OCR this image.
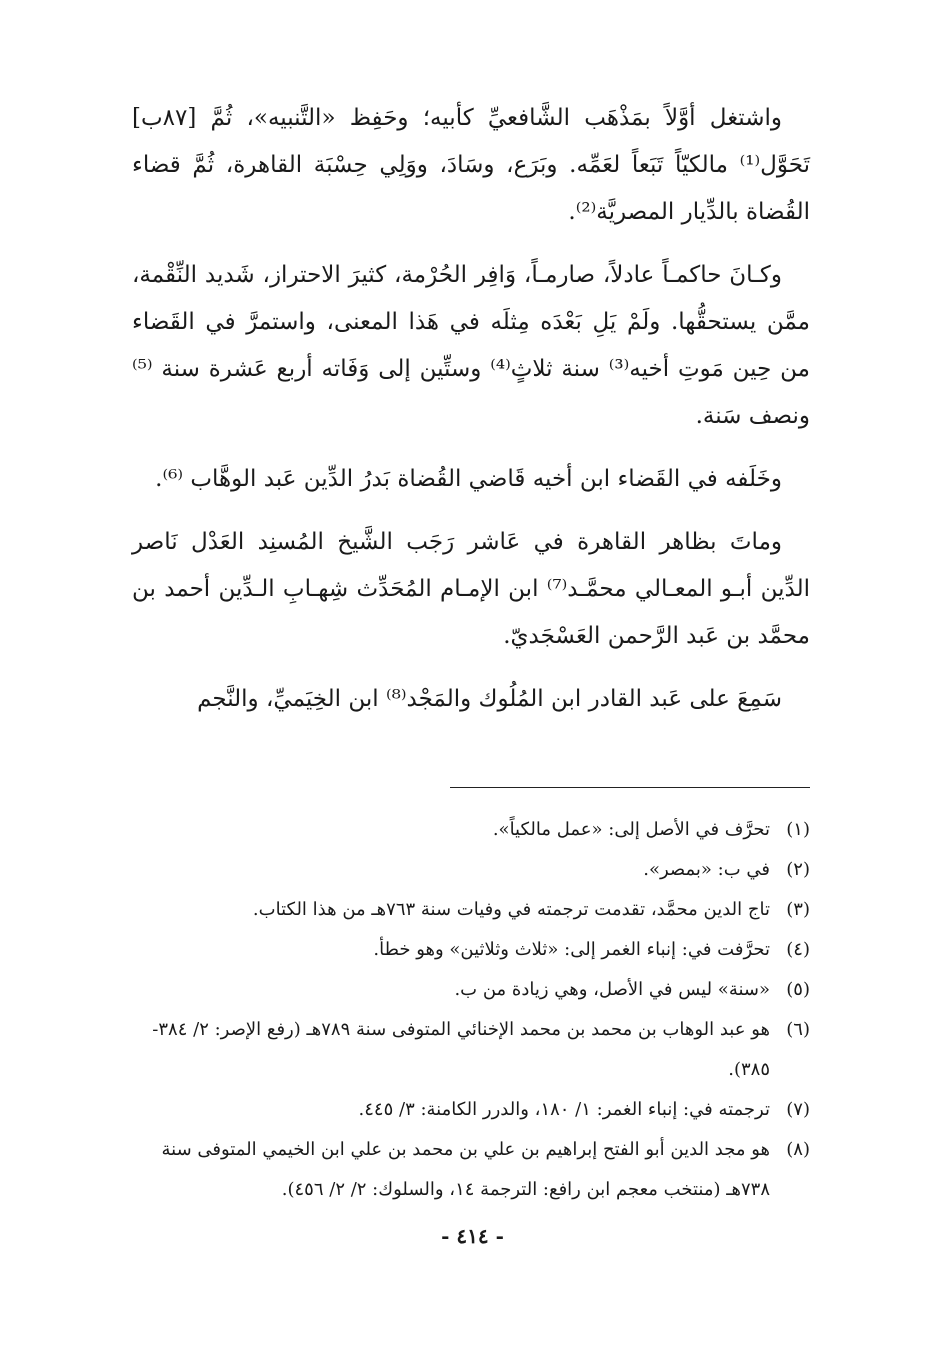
واشتغل أوَّلاً بمَذْهَب الشَّافعيِّ كأبيه؛ وحَفِظ «التَّنبيه»، ثُمَّ [٨٧ب] تَحَوَّل⁽¹⁾ مالكيّاً تَبَعاً لعَمِّه. وبَرَع، وسَادَ، ووَلِي حِسْبَة القاهرة، ثُمَّ قضاء القُضاة بالدِّيار المصريَّة⁽²⁾.

وكـانَ حاكمـاً عادلاً، صارمـاً، وَافِر الحُرْمة، كثيرَ الاحتراز، شَديد النِّقْمة، ممَّن يستحقُّها. ولَمْ يَلِ بَعْدَه مِثلَه في هَذا المعنى، واستمرَّ في القَضاء من حِين مَوتِ أخيه⁽³⁾ سنة ثلاثٍ⁽⁴⁾ وستِّين إلى وَفَاته أربع عَشرة سنة ⁽⁵⁾ ونصف سَنة.

وخَلَفه في القَضاء ابن أخيه قَاضي القُضاة بَدرُ الدِّين عَبد الوهَّاب ⁽⁶⁾.

وماتَ بظاهر القاهرة في عَاشر رَجَب الشَّيخ المُسنِد العَدْل نَاصر الدِّين أبـو المعـالي محمَّـد⁽⁷⁾ ابن الإمـام المُحَدِّث شِهـابِ الـدِّين أحمد بن محمَّد بن عَبد الرَّحمن العَسْجَديّ.

سَمِعَ على عَبد القادر ابن المُلُوك والمَجْد⁽⁸⁾ ابن الخِيَميِّ، والنَّجم

(١)
تحرَّف في الأصل إلى: «عمل مالكياً».
(٢)
في ب: «بمصر».
(٣)
تاج الدين محمَّد، تقدمت ترجمته في وفيات سنة ٧٦٣هـ من هذا الكتاب.
(٤)
تحرَّفت في: إنباء الغمر إلى: «ثلاث وثلاثين» وهو خطأ.
(٥)
«سنة» ليس في الأصل، وهي زيادة من ب.
(٦)
هو عبد الوهاب بن محمد بن محمد الإخنائي المتوفى سنة ٧٨٩هـ (رفع الإصر: ٢/ ٣٨٤- ٣٨٥).
(٧)
ترجمته في: إنباء الغمر: ١/ ١٨٠، والدرر الكامنة: ٣/ ٤٤٥.
(٨)
هو مجد الدين أبو الفتح إبراهيم بن علي بن محمد بن علي ابن الخيمي المتوفى سنة ٧٣٨هـ (منتخب معجم ابن رافع: الترجمة ١٤، والسلوك: ٢/ ٢/ ٤٥٦).
- ٤١٤ -
